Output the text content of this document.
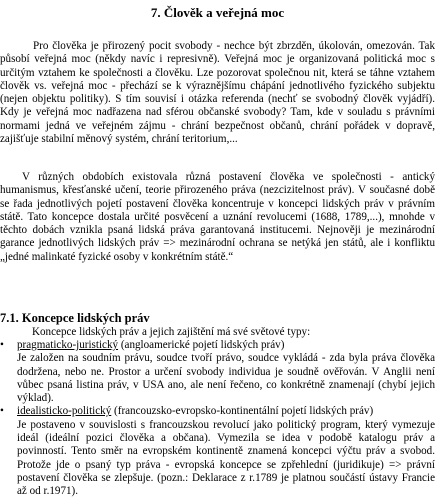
7. Člověk a veřejná moc

Pro člověka je přirozený pocit svobody - nechce být zbrzděn, úkolován, omezován. Tak působí veřejná moc (někdy navíc i represivně). Veřejná moc je organizovaná politická moc s určitým vztahem ke společnosti a člověku. Lze pozorovat společnou nit, která se táhne vztahem člověk vs. veřejná moc - přechází se k výraznějšímu chápání jednotlivého fyzického subjektu (nejen objektu politiky). S tím souvisí i otázka referenda (nechť se svobodný člověk vyjádří). Kdy je veřejná moc nadřazena nad sférou občanské svobody? Tam, kde v souladu s právními normami jedná ve veřejném zájmu - chrání bezpečnost občanů, chrání pořádek v dopravě, zajišťuje stabilní měnový systém, chrání teritorium,...

V různých obdobích existovala různá postavení člověka ve společnosti - antický humanismus, křesťanské učení, teorie přirozeného práva (nezcizitelnost práv). V současné době se řada jednotlivých pojetí postavení člověka koncentruje v koncepci lidských práv v právním státě. Tato koncepce dostala určité posvěcení a uznání revolucemi (1688, 1789,...), mnohde v těchto dobách vznikla psaná lidská práva garantovaná institucemi. Nejnověji je mezinárodní garance jednotlivých lidských práv => mezinárodní ochrana se netýká jen států, ale i konfliktu „jedné malinkaté fyzické osoby v konkrétním státě.“

7.1. Koncepce lidských práv
Koncepce lidských práv a jejich zajištění má své světové typy:
• pragmaticko-juristický (angloamerické pojetí lidských práv)
Je založen na soudním právu, soudce tvoří právo, soudce vykládá - zda byla práva člověka dodržena, nebo ne. Prostor a určení svobody individua je soudně ověřován. V Anglii není vůbec psaná listina práv, v USA ano, ale není řečeno, co konkrétně znamenají (chybí jejich výklad).
• idealisticko-politický (francouzsko-evropsko-kontinentální pojetí lidských práv)
Je postaveno v souvislosti s francouzskou revolucí jako politický program, který vymezuje ideál (ideální pozici člověka a občana). Vymezila se idea v podobě katalogu práv a povinností. Tento směr na evropském kontinentě znamená koncepci výčtu práv a svobod. Protože jde o psaný typ práva - evropská koncepce se zpřehlední (juridikuje) => právní postavení člověka se zlepšuje. (pozn.: Deklarace z r.1789 je platnou součástí ústavy Francie až od r.1971).
